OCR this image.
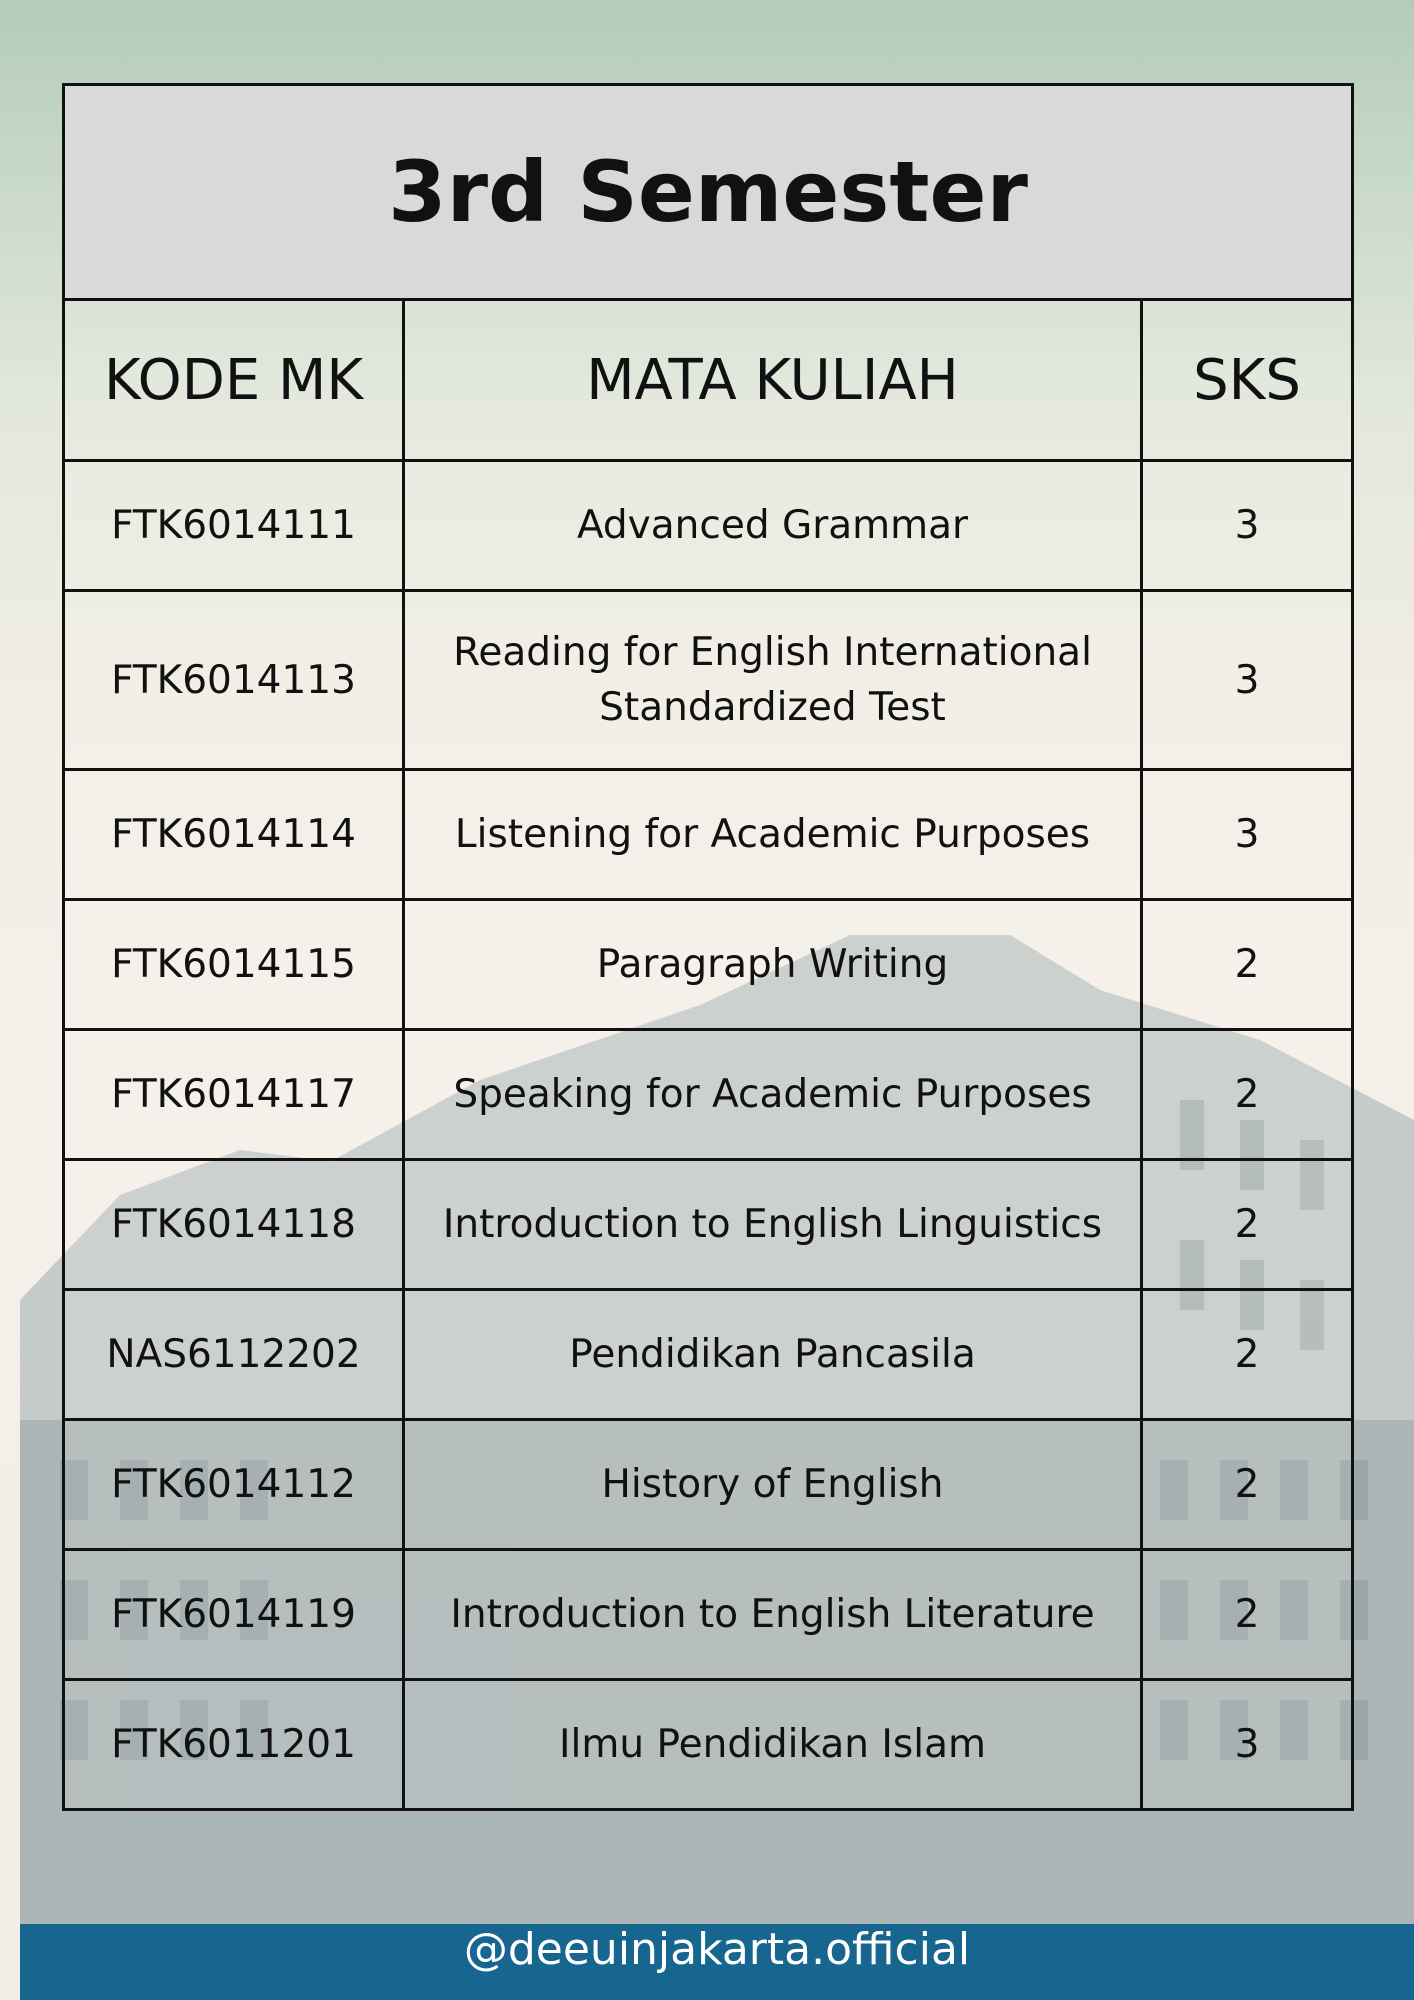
3rd Semester		
KODE MK	MATA KULIAH	SKS
FTK6014111	Advanced Grammar	3
FTK6014113	Reading for English International Standardized Test	3
FTK6014114	Listening for Academic Purposes	3
FTK6014115	Paragraph Writing	2
FTK6014117	Speaking for Academic Purposes	2
FTK6014118	Introduction to English Linguistics	2
NAS6112202	Pendidikan Pancasila	2
FTK6014112	History of English	2
FTK6014119	Introduction to English Literature	2
FTK6011201	Ilmu Pendidikan Islam	3
@deeuinjakarta.official
